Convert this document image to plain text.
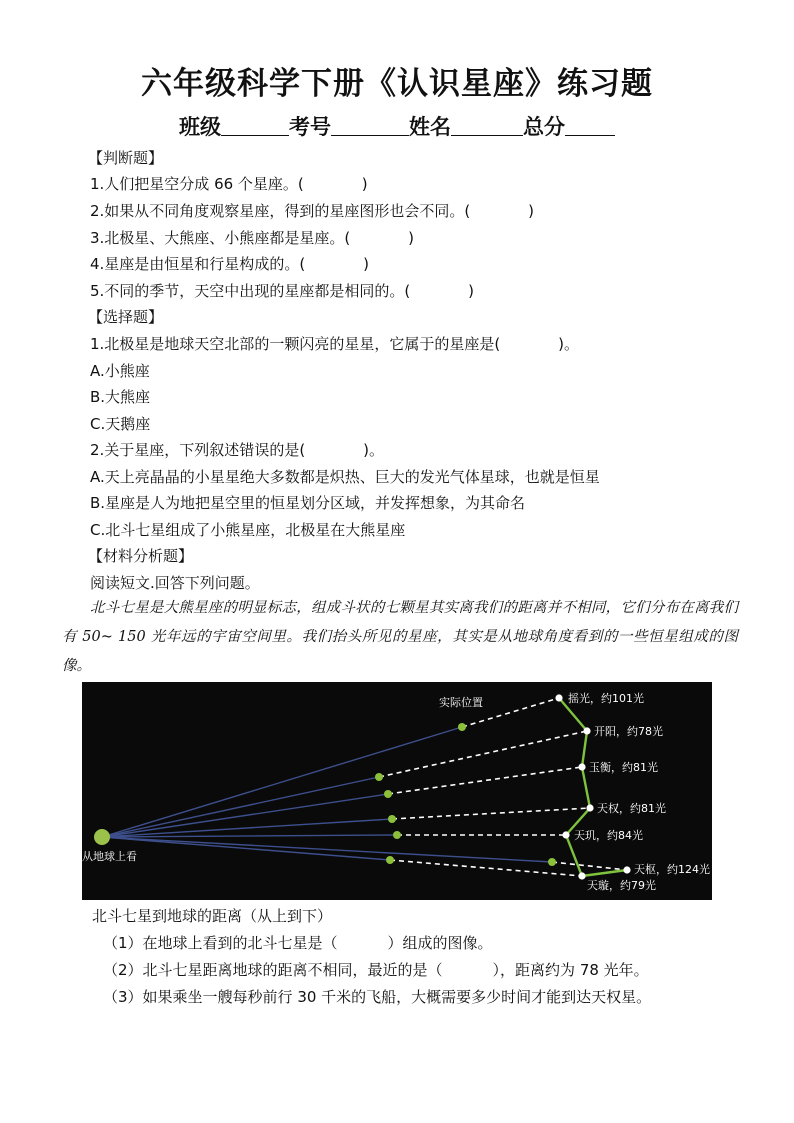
六年级科学下册《认识星座》练习题
班级	考号	姓名	总分
【判断题】
1.人们把星空分成 66 个星座。(	)
2.如果从不同角度观察星座，得到的星座图形也会不同。(	)
3.北极星、大熊座、小熊座都是星座。(	)
4.星座是由恒星和行星构成的。(	)
5.不同的季节，天空中出现的星座都是相同的。(	)
【选择题】
1.北极星是地球天空北部的一颗闪亮的星星，它属于的星座是(	)。
A.小熊座
B.大熊座
C.天鹅座
2.关于星座，下列叙述错误的是(	)。
A.天上亮晶晶的小星星绝大多数都是炽热、巨大的发光气体星球，也就是恒星
B.星座是人为地把星空里的恒星划分区域，并发挥想象，为其命名
C.北斗七星组成了小熊星座，北极星在大熊星座
【材料分析题】
阅读短文.回答下列问题。
北斗七星是大熊星座的明显标志，组成斗状的七颗星其实离我们的距离并不相同，它们分布在离我们有 50~ 150 光年远的宇宙空间里。我们抬头所见的星座，其实是从地球角度看到的一些恒星组成的图像。
从地球上看
实际位置	摇光，约101光
开阳，约78光
玉衡，约81光
天权，约81光
天玑，约84光
天枢，约124光
天璇，约79光
北斗七星到地球的距离（从上到下）
（1）在地球上看到的北斗七星是（	）组成的图像。
（2）北斗七星距离地球的距离不相同，最近的是（	），距离约为 78 光年。
（3）如果乘坐一艘每秒前行 30 千米的飞船，大概需要多少时间才能到达天权星。
